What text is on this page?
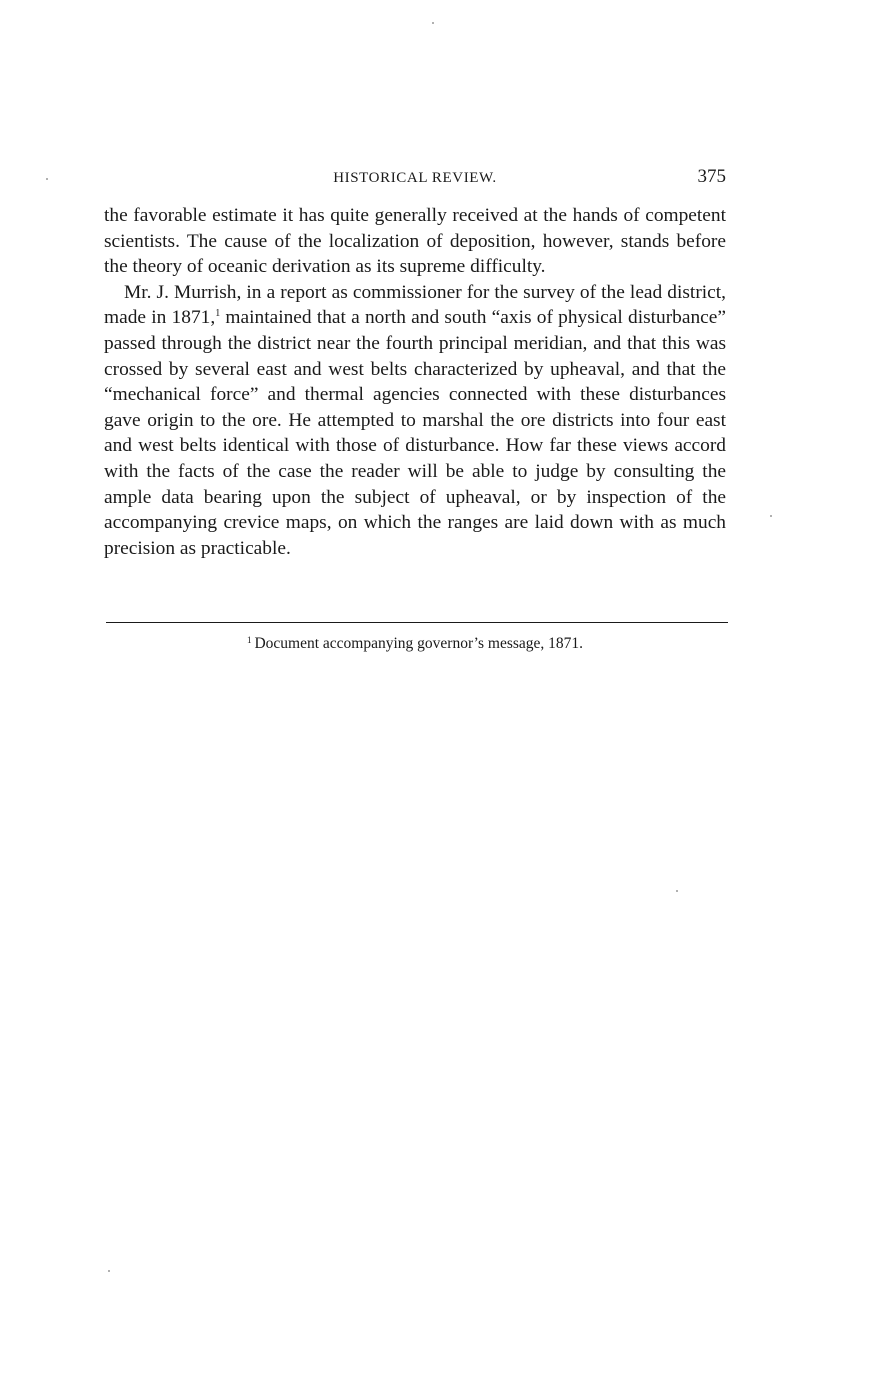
HISTORICAL REVIEW.	375

the favorable estimate it has quite generally received at the hands of competent scientists. The cause of the localization of deposition, however, stands before the theory of oceanic derivation as its supreme difficulty.

Mr. J. Murrish, in a report as commissioner for the survey of the lead district, made in 1871,$^1$ maintained that a north and south “axis of physical disturbance” passed through the district near the fourth principal meridian, and that this was crossed by several east and west belts characterized by upheaval, and that the “mechanical force” and thermal agencies connected with these disturbances gave origin to the ore. He attempted to marshal the ore districts into four east and west belts identical with those of disturbance. How far these views accord with the facts of the case the reader will be able to judge by consulting the ample data bearing upon the subject of upheaval, or by inspection of the accompanying crevice maps, on which the ranges are laid down with as much precision as practicable.

$^1$ Document accompanying governor’s message, 1871.
